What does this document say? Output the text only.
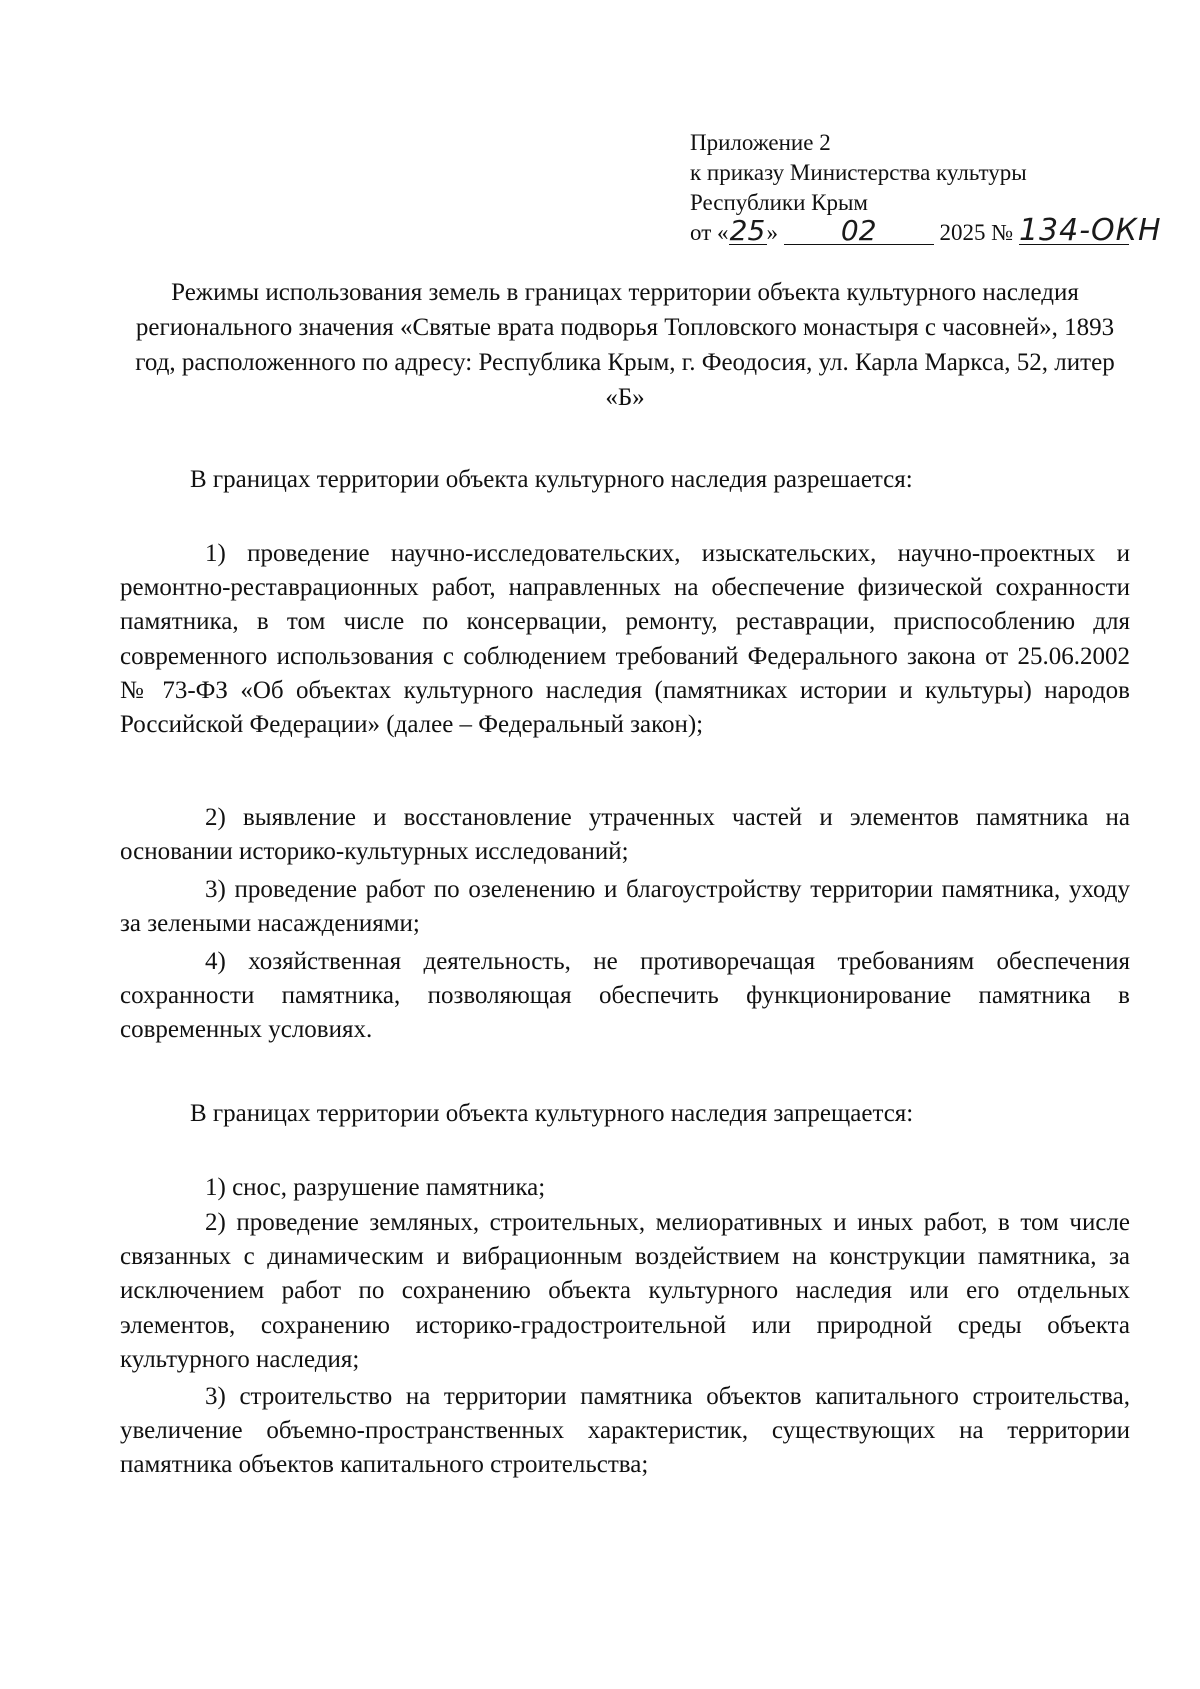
Приложение 2
к приказу Министерства культуры
Республики Крым
от «25» 02	2025 № 134-ОКН
Режимы использования земель в границах территории объекта культурного наследия регионального значения «Святые врата подворья Топловского монастыря с часовней», 1893 год, расположенного по адресу: Республика Крым, г. Феодосия, ул. Карла Маркса, 52, литер «Б»
В границах территории объекта культурного наследия разрешается:
1) проведение научно-исследовательских, изыскательских, научно-проектных и ремонтно-реставрационных работ, направленных на обеспечение физической сохранности памятника, в том числе по консервации, ремонту, реставрации, приспособлению для современного использования с соблюдением требований Федерального закона от 25.06.2002 № 73-ФЗ «Об объектах культурного наследия (памятниках истории и культуры) народов Российской Федерации» (далее – Федеральный закон);
2) выявление и восстановление утраченных частей и элементов памятника на основании историко-культурных исследований;
3) проведение работ по озеленению и благоустройству территории памятника, уходу за зелеными насаждениями;
4) хозяйственная деятельность, не противоречащая требованиям обеспечения сохранности памятника, позволяющая обеспечить функционирование памятника в современных условиях.
В границах территории объекта культурного наследия запрещается:
1) снос, разрушение памятника;
2) проведение земляных, строительных, мелиоративных и иных работ, в том числе связанных с динамическим и вибрационным воздействием на конструкции памятника, за исключением работ по сохранению объекта культурного наследия или его отдельных элементов, сохранению историко-градостроительной или природной среды объекта культурного наследия;
3) строительство на территории памятника объектов капитального строительства, увеличение объемно-пространственных характеристик, существующих на территории памятника объектов капитального строительства;
